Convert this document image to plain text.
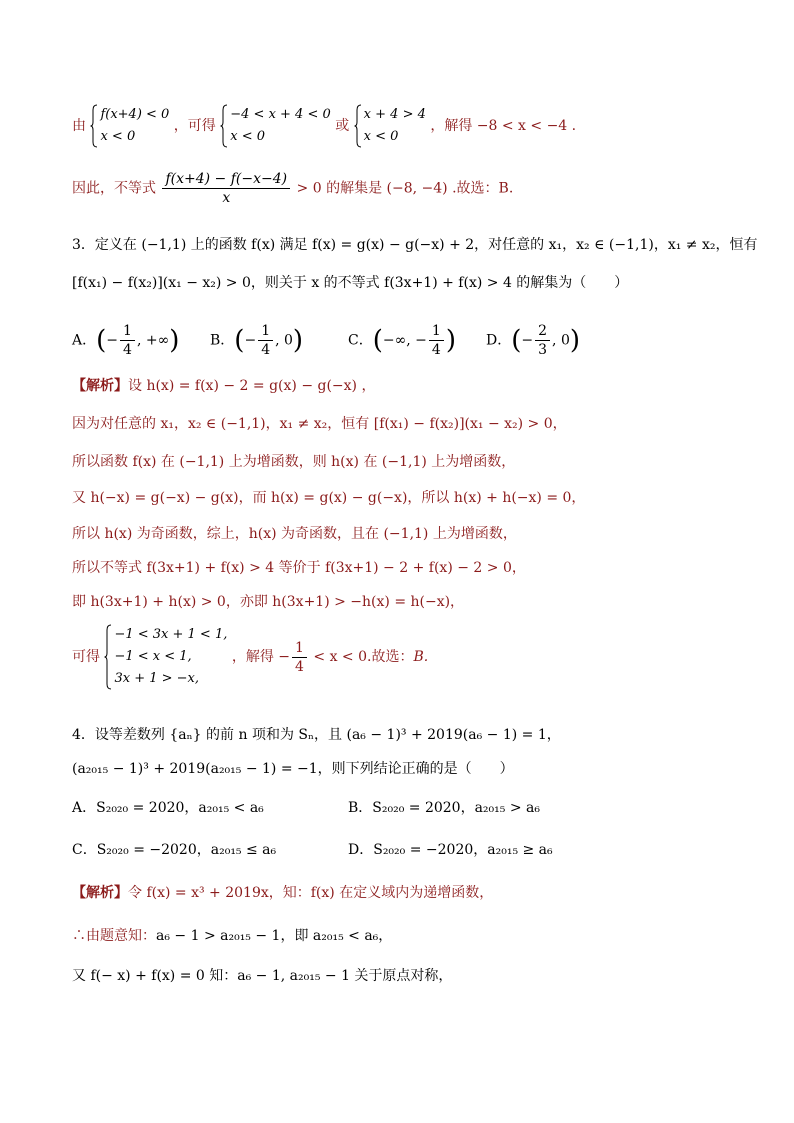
由
f(x+4) < 0
x < 0
，可得
−4 < x + 4 < 0
x < 0
或
x + 4 > 4
x < 0
，解得 −8 < x < −4 .
因此，不等式 $\frac{f(x+4) - f(-x-4)}{x} > 0$ 的解集是 (−8, −4) .故选：B.
3．定义在 (−1,1) 上的函数 f(x) 满足 f(x) = g(x) − g(−x) + 2，对任意的 x₁，x₂ ∈ (−1,1)，x₁ ≠ x₂，恒有
[f(x₁) − f(x₂)](x₁ − x₂) > 0，则关于 x 的不等式 f(3x+1) + f(x) > 4 的解集为（　　）
A．(− $\frac{1}{4}$ , +∞) B．(− $\frac{1}{4}$ , 0)	C．(−∞, − $\frac{1}{4}$ ) D．(− $\frac{2}{3}$ , 0)
【解析】设 h(x) = f(x) − 2 = g(x) − g(−x) ，
因为对任意的 x₁，x₂ ∈ (−1,1)，x₁ ≠ x₂，恒有 [f(x₁) − f(x₂)](x₁ − x₂) > 0，
所以函数 f(x) 在 (−1,1) 上为增函数，则 h(x) 在 (−1,1) 上为增函数，
又 h(−x) = g(−x) − g(x)，而 h(x) = g(x) − g(−x)，所以 h(x) + h(−x) = 0，
所以 h(x) 为奇函数，综上，h(x) 为奇函数，且在 (−1,1) 上为增函数，
所以不等式 f(3x+1) + f(x) > 4 等价于 f(3x+1) − 2 + f(x) − 2 > 0，
即 h(3x+1) + h(x) > 0，亦即 h(3x+1) > −h(x) = h(−x)，
可得
−1 < 3x + 1 < 1,
−1 < x < 1,
3x + 1 > −x,
，解得 − $\frac{1}{4} < x < 0$.故选：B.
4．设等差数列 {aₙ} 的前 n 项和为 Sₙ，且 (a₆ − 1)³ + 2019(a₆ − 1) = 1，
(a₂₀₁₅ − 1)³ + 2019(a₂₀₁₅ − 1) = −1，则下列结论正确的是（　　）
A．S₂₀₂₀ = 2020，a₂₀₁₅ < a₆	B．S₂₀₂₀ = 2020，a₂₀₁₅ > a₆
C．S₂₀₂₀ = −2020，a₂₀₁₅ ≤ a₆	D．S₂₀₂₀ = −2020，a₂₀₁₅ ≥ a₆
【解析】令 f(x) = x³ + 2019x，知：f(x) 在定义域内为递增函数，
∴由题意知：a₆ − 1 > a₂₀₁₅ − 1，即 a₂₀₁₅ < a₆，
又 f(− x) + f(x) = 0 知：a₆ − 1, a₂₀₁₅ − 1 关于原点对称，
